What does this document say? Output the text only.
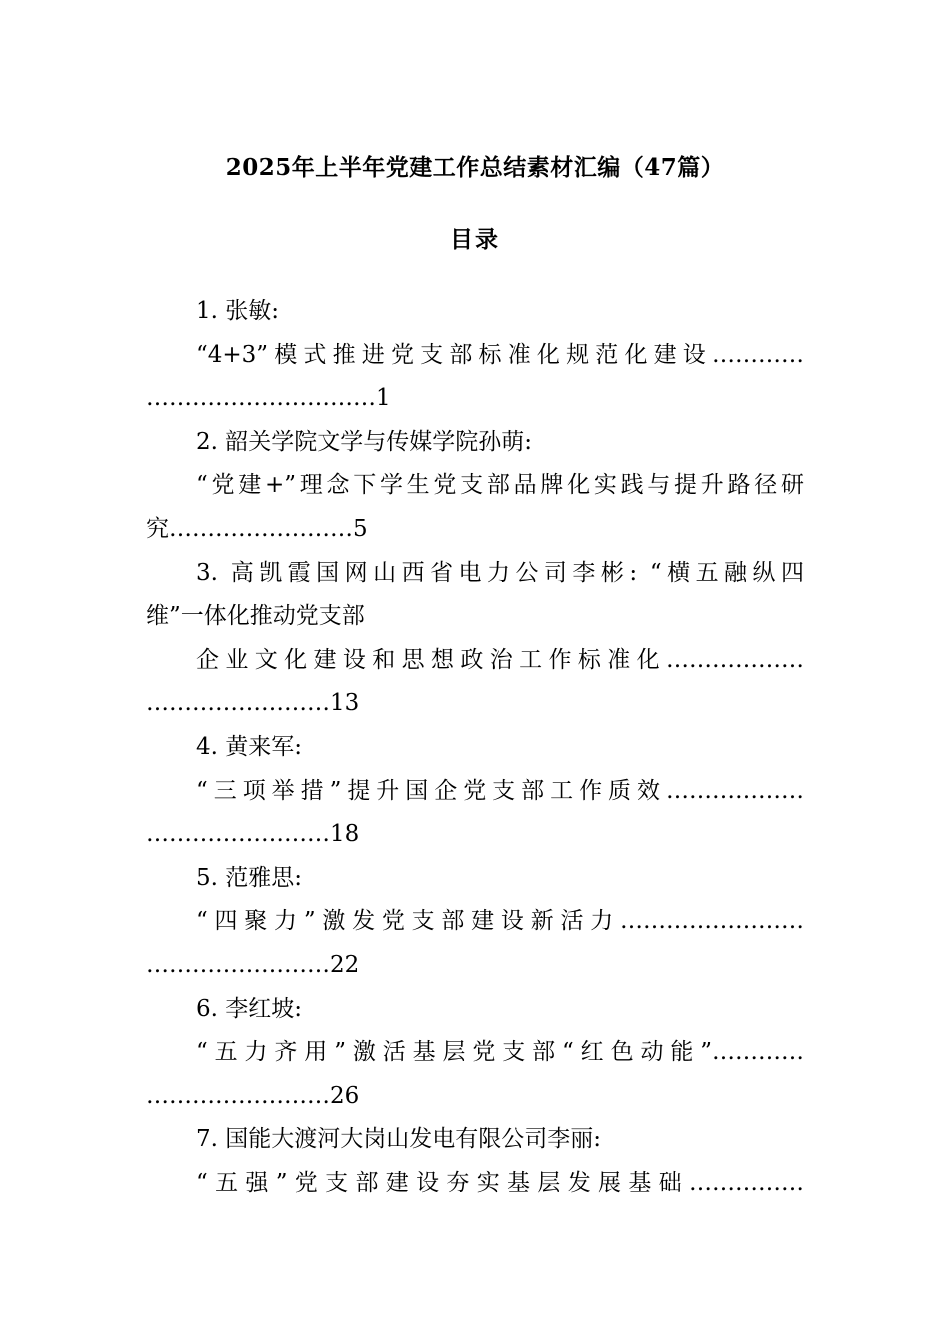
2025年上半年党建工作总结素材汇编（47篇）
目录
1. 张敏:
“4+3”模式推进党支部标准化规范化建设…………
…………………………1
2. 韶关学院文学与传媒学院孙萌:
“党建+”理念下学生党支部品牌化实践与提升路径研
究……………………5
3. 高凯霞国网山西省电力公司李彬: “横五融纵四
维”一体化推动党支部
企业文化建设和思想政治工作标准化………………
……………………13
4. 黄来军:
“三项举措”提升国企党支部工作质效………………
……………………18
5. 范雅思:
“四聚力”激发党支部建设新活力……………………
……………………22
6. 李红坡:
“五力齐用”激活基层党支部“红色动能”…………
……………………26
7. 国能大渡河大岗山发电有限公司李丽:
“五强”党支部建设夯实基层发展基础……………
